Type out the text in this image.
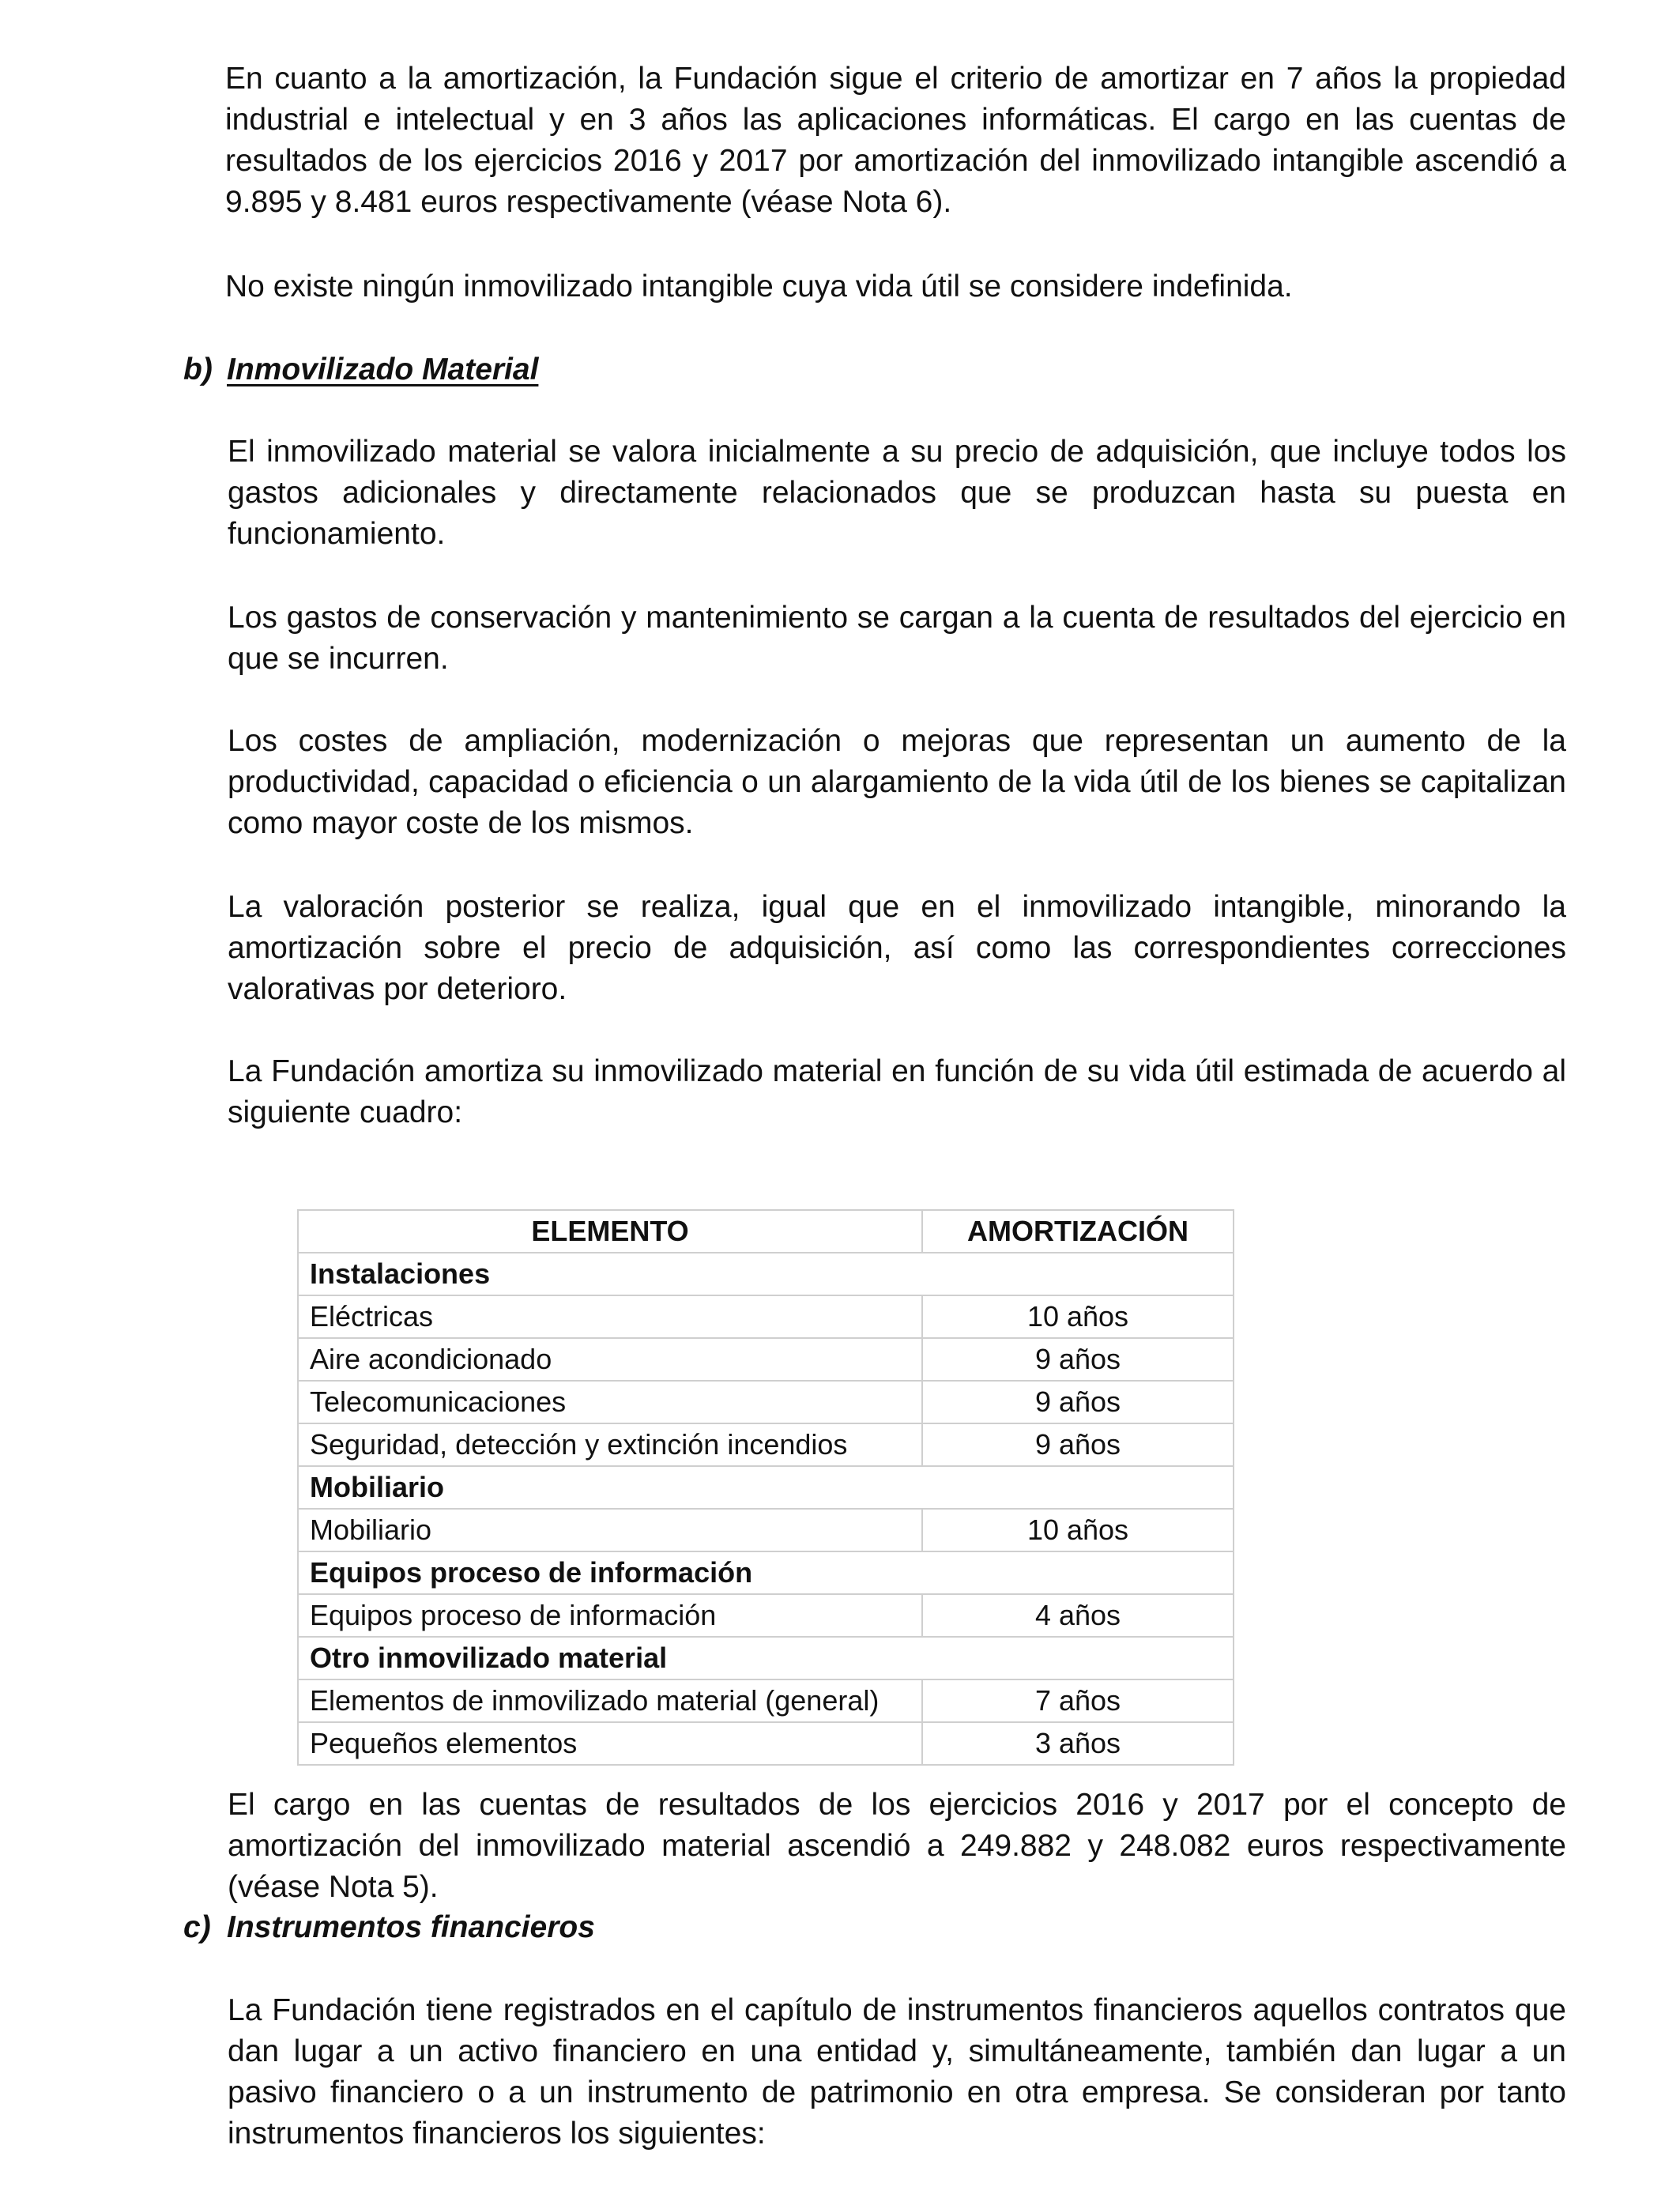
En cuanto a la amortización, la Fundación sigue el criterio de amortizar en 7 años la propiedad industrial e intelectual y en 3 años las aplicaciones informáticas. El cargo en las cuentas de resultados de los ejercicios 2016 y 2017 por amortización del inmovilizado intangible ascendió a 9.895 y 8.481 euros respectivamente (véase Nota 6).

No existe ningún inmovilizado intangible cuya vida útil se considere indefinida.

b) Inmovilizado Material

El inmovilizado material se valora inicialmente a su precio de adquisición, que incluye todos los gastos adicionales y directamente relacionados que se produzcan hasta su puesta en funcionamiento.

Los gastos de conservación y mantenimiento se cargan a la cuenta de resultados del ejercicio en que se incurren.

Los costes de ampliación, modernización o mejoras que representan un aumento de la productividad, capacidad o eficiencia o un alargamiento de la vida útil de los bienes se capitalizan como mayor coste de los mismos.

La valoración posterior se realiza, igual que en el inmovilizado intangible, minorando la amortización sobre el precio de adquisición, así como las correspondientes correcciones valorativas por deterioro.

La Fundación amortiza su inmovilizado material en función de su vida útil estimada de acuerdo al siguiente cuadro:

ELEMENTO	AMORTIZACIÓN
Instalaciones	
Eléctricas	10 años
Aire acondicionado	9 años
Telecomunicaciones	9 años
Seguridad, detección y extinción incendios	9 años
Mobiliario	
Mobiliario	10 años
Equipos proceso de información	
Equipos proceso de información	4 años
Otro inmovilizado material	
Elementos de inmovilizado material (general)	7 años
Pequeños elementos	3 años

El cargo en las cuentas de resultados de los ejercicios 2016 y 2017 por el concepto de amortización del inmovilizado material ascendió a 249.882 y 248.082 euros respectivamente (véase Nota 5).

c) Instrumentos financieros

La Fundación tiene registrados en el capítulo de instrumentos financieros aquellos contratos que dan lugar a un activo financiero en una entidad y, simultáneamente, también dan lugar a un pasivo financiero o a un instrumento de patrimonio en otra empresa. Se consideran por tanto instrumentos financieros los siguientes:
